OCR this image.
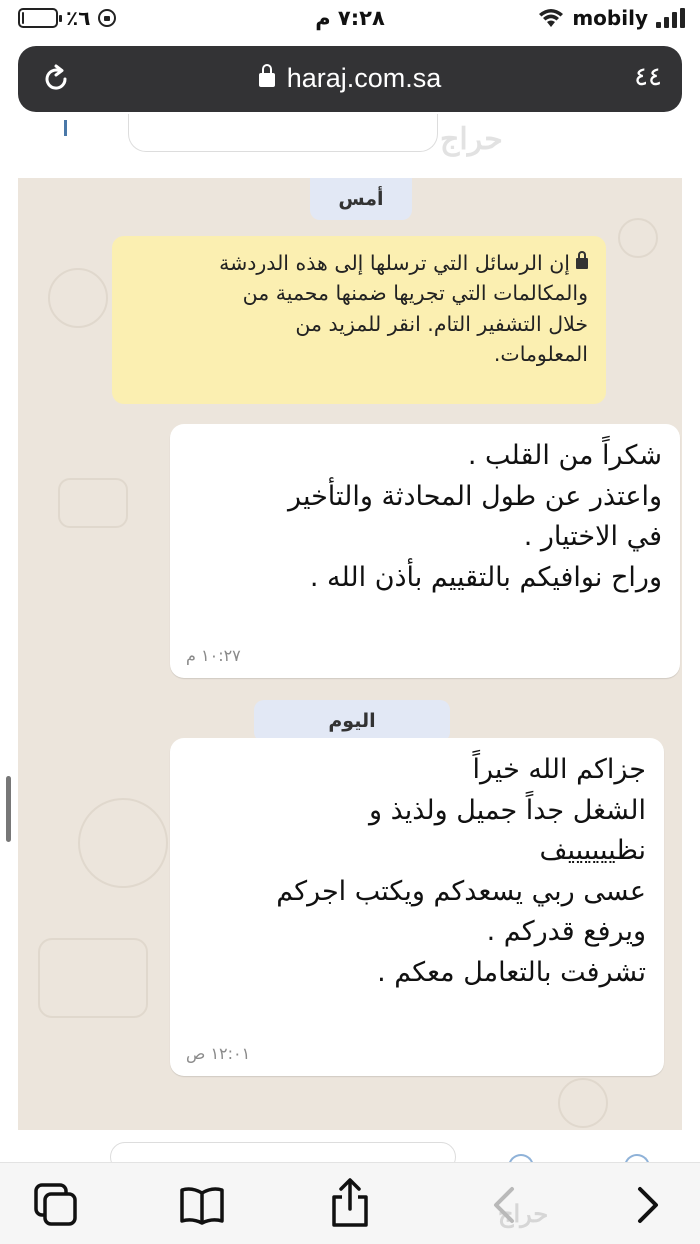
٪٦	٧:٢٨ م	mobily
haraj.com.sa	٤٤
ﺣﺮاج
أمس
إن الرسائل التي ترسلها إلى هذه الدردشة
والمكالمات التي تجريها ضمنها محمية من
خلال التشفير التام. انقر للمزيد من
المعلومات.
شكراً من القلب .
واعتذر عن طول المحادثة والتأخير
في الاختيار .
وراح نوافيكم بالتقييم بأذن الله .
١٠:٢٧ م
اليوم
جزاكم الله خيراً
الشغل جداً جميل ولذيذ و
نظييييييف
عسى ربي يسعدكم ويكتب اجركم
ويرفع قدركم .
تشرفت بالتعامل معكم .
١٢:٠١ ص
ﺣﺮاج
